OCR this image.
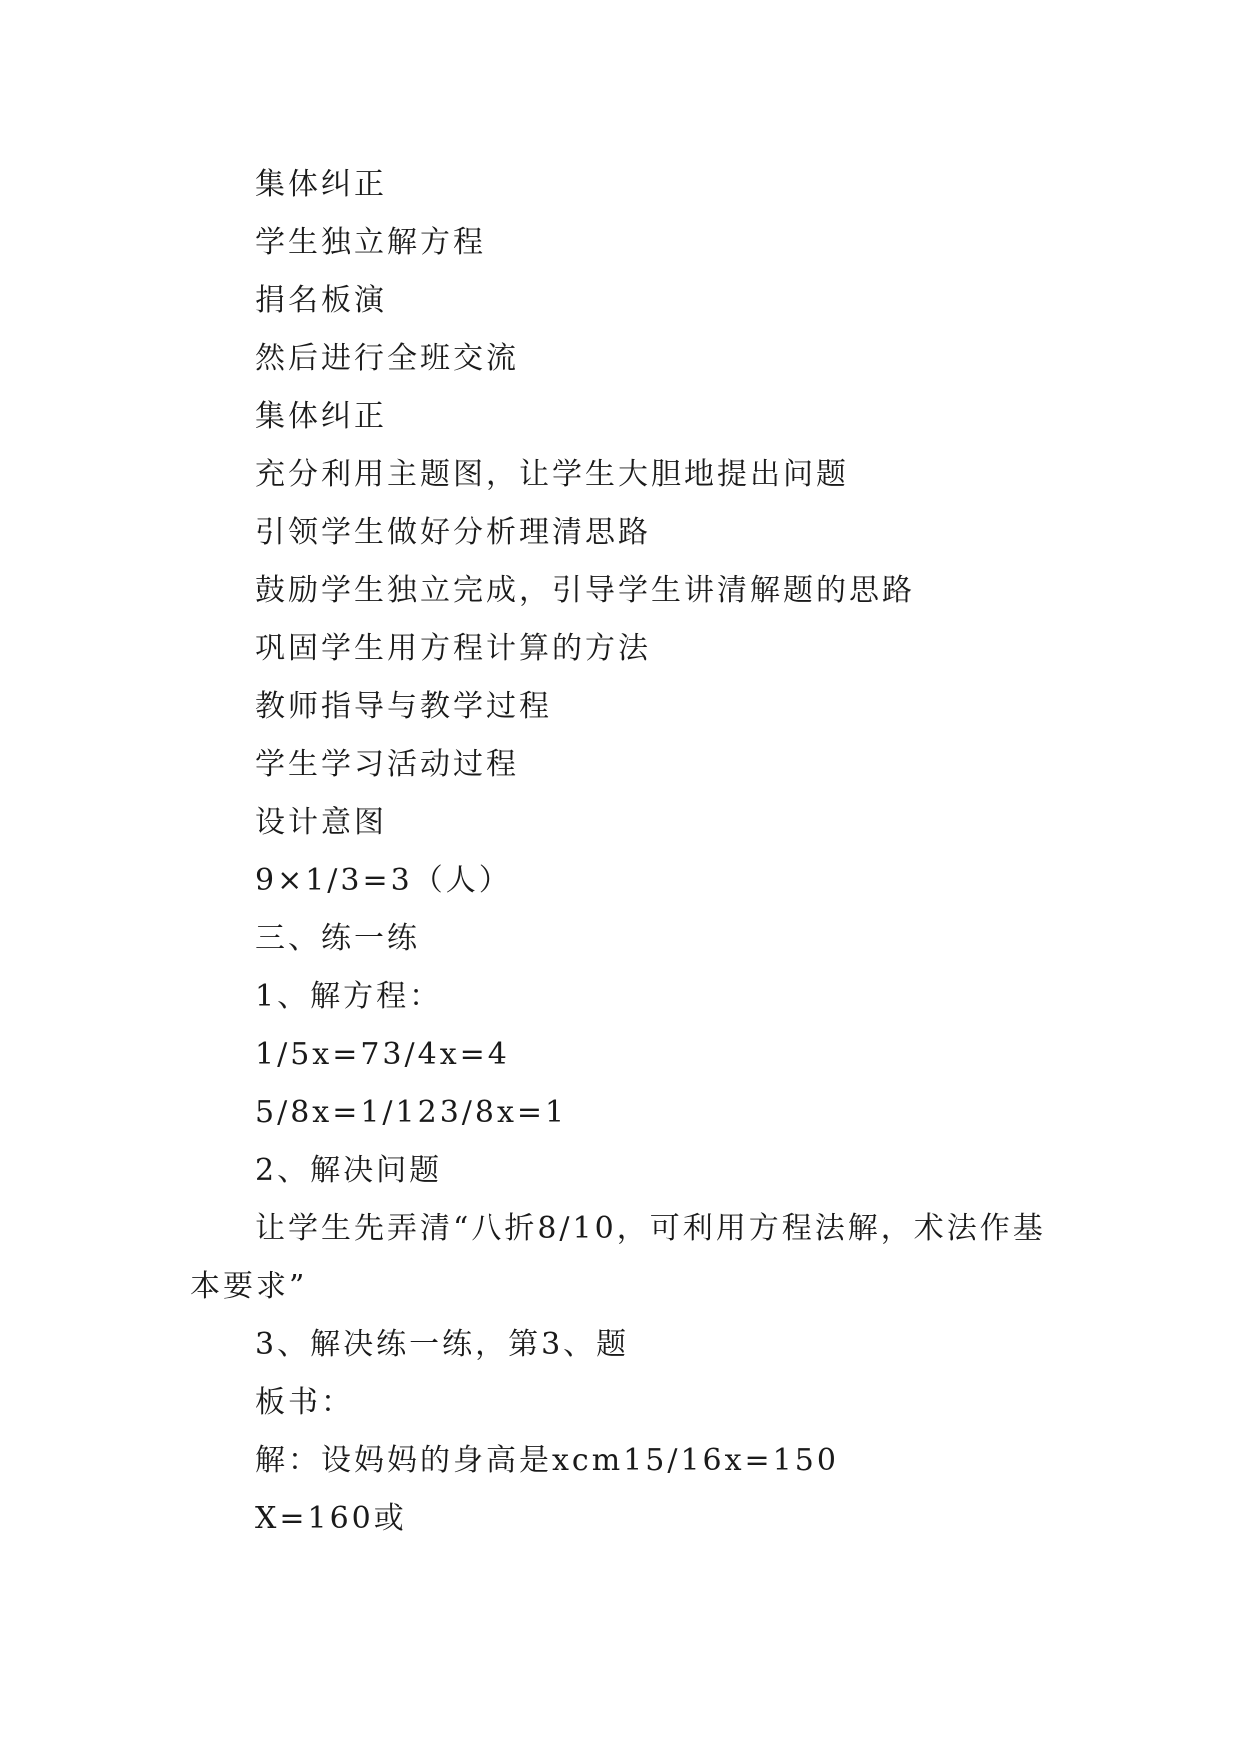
集体纠正

学生独立解方程

捐名板演

然后进行全班交流

集体纠正

充分利用主题图，让学生大胆地提出问题

引领学生做好分析理清思路

鼓励学生独立完成，引导学生讲清解题的思路

巩固学生用方程计算的方法

教师指导与教学过程

学生学习活动过程

设计意图

9×1/3=3（人）

三、练一练

1、解方程：

1/5x=73/4x=4

5/8x=1/123/8x=1

2、解决问题

让学生先弄清“八折8/10，可利用方程法解，术法作基本要求”

3、解决练一练，第3、题

板书：

解：设妈妈的身高是xcm15/16x=150

X=160或
